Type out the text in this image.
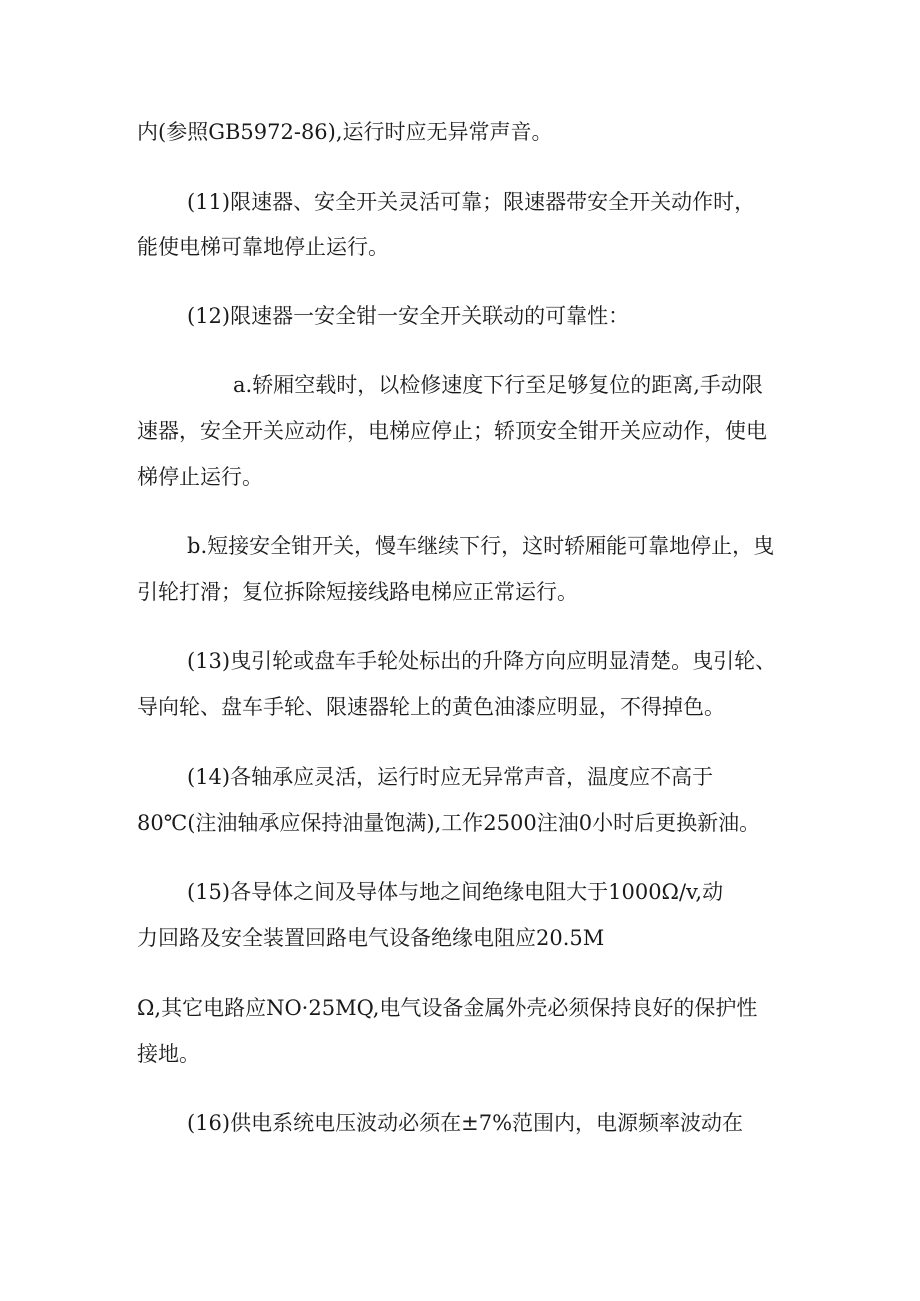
内(参照GB5972-86),运行时应无异常声音。

(11)限速器、安全开关灵活可靠；限速器带安全开关动作时，

能使电梯可靠地停止运行。

(12)限速器一安全钳一安全开关联动的可靠性：

a.轿厢空载时，以检修速度下行至足够复位的距离,手动限

速器，安全开关应动作，电梯应停止；轿顶安全钳开关应动作，使电

梯停止运行。

b.短接安全钳开关，慢车继续下行，这时轿厢能可靠地停止，曳

引轮打滑；复位拆除短接线路电梯应正常运行。

(13)曳引轮或盘车手轮处标出的升降方向应明显清楚。曳引轮、

导向轮、盘车手轮、限速器轮上的黄色油漆应明显，不得掉色。

(14)各轴承应灵活，运行时应无异常声音，温度应不高于

80℃(注油轴承应保持油量饱满),工作2500注油0小时后更换新油。

(15)各导体之间及导体与地之间绝缘电阻大于1000Ω/v,动

力回路及安全装置回路电气设备绝缘电阻应20.5M

Ω,其它电路应NO·25MQ,电气设备金属外壳必须保持良好的保护性

接地。

(16)供电系统电压波动必须在±7%范围内，电源频率波动在
